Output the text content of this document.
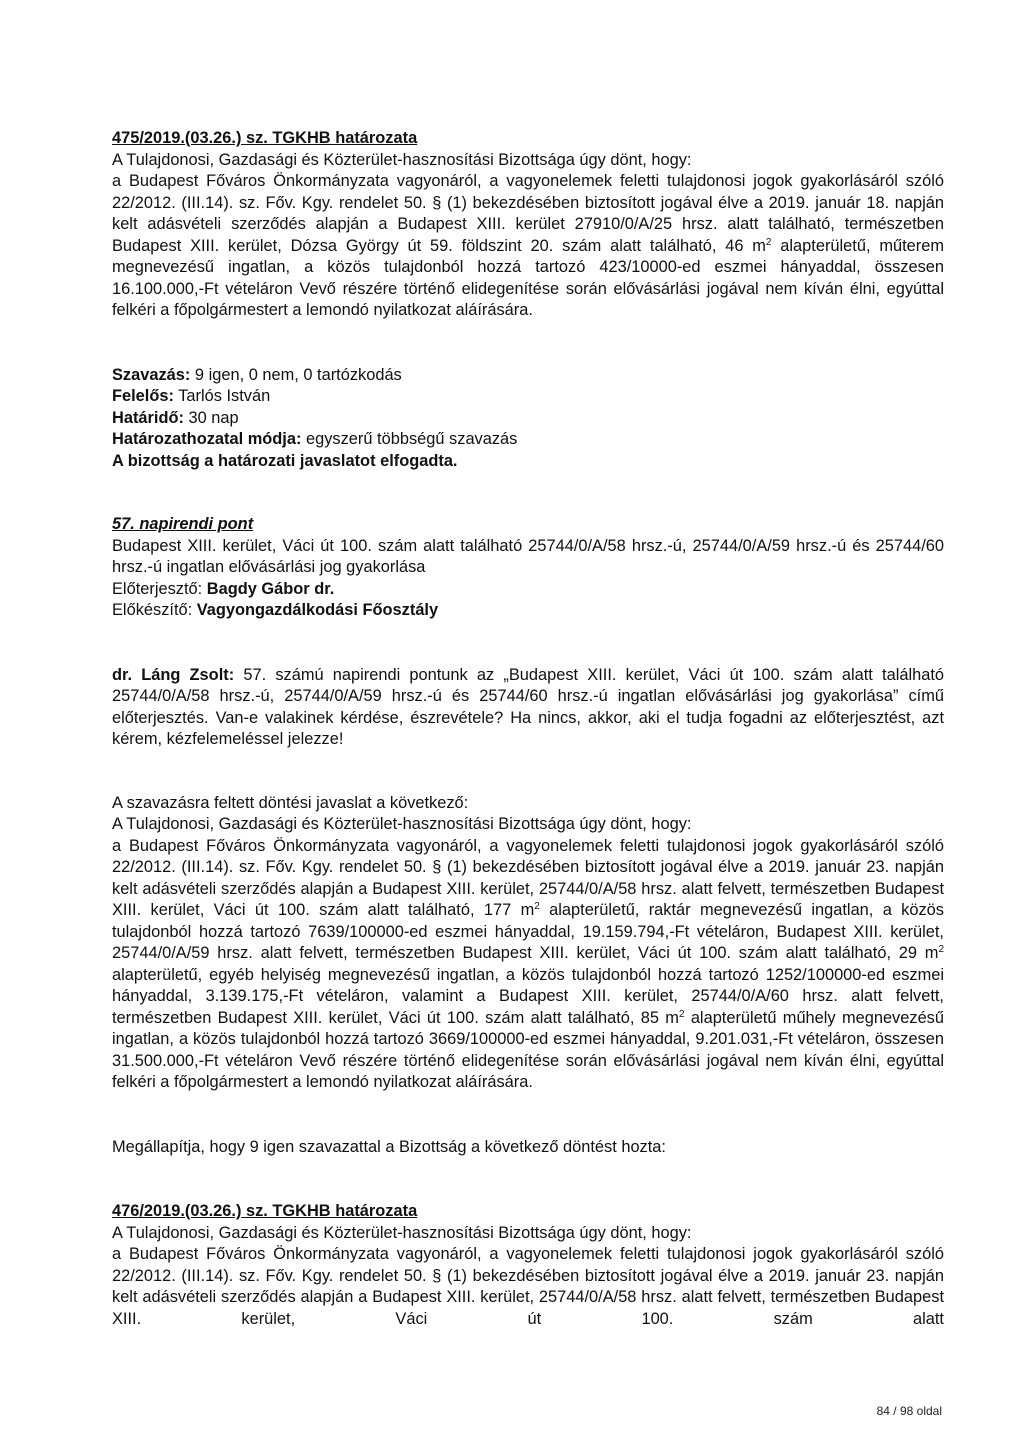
475/2019.(03.26.) sz. TGKHB határozata

A Tulajdonosi, Gazdasági és Közterület-hasznosítási Bizottsága úgy dönt, hogy:

a Budapest Főváros Önkormányzata vagyonáról, a vagyonelemek feletti tulajdonosi jogok gyakorlásáról szóló 22/2012. (III.14). sz. Főv. Kgy. rendelet 50. § (1) bekezdésében biztosított jogával élve a 2019. január 18. napján kelt adásvételi szerződés alapján a Budapest XIII. kerület 27910/0/A/25 hrsz. alatt található, természetben Budapest XIII. kerület, Dózsa György út 59. földszint 20. szám alatt található, 46 $m^2$ alapterületű, műterem megnevezésű ingatlan, a közös tulajdonból hozzá tartozó 423/10000-ed eszmei hányaddal, összesen 16.100.000,-Ft vételáron Vevő részére történő elidegenítése során elővásárlási jogával nem kíván élni, egyúttal felkéri a főpolgármestert a lemondó nyilatkozat aláírására.

Szavazás: 9 igen, 0 nem, 0 tartózkodás

Felelős: Tarlós István

Határidő: 30 nap

Határozathozatal módja: egyszerű többségű szavazás

A bizottság a határozati javaslatot elfogadta.

57. napirendi pont

Budapest XIII. kerület, Váci út 100. szám alatt található 25744/0/A/58 hrsz.-ú, 25744/0/A/59 hrsz.-ú és 25744/60 hrsz.-ú ingatlan elővásárlási jog gyakorlása

Előterjesztő: Bagdy Gábor dr.

Előkészítő: Vagyongazdálkodási Főosztály

dr. Láng Zsolt: 57. számú napirendi pontunk az „Budapest XIII. kerület, Váci út 100. szám alatt található 25744/0/A/58 hrsz.-ú, 25744/0/A/59 hrsz.-ú és 25744/60 hrsz.-ú ingatlan elővásárlási jog gyakorlása” című előterjesztés. Van-e valakinek kérdése, észrevétele? Ha nincs, akkor, aki el tudja fogadni az előterjesztést, azt kérem, kézfelemeléssel jelezze!

A szavazásra feltett döntési javaslat a következő:

A Tulajdonosi, Gazdasági és Közterület-hasznosítási Bizottsága úgy dönt, hogy:

a Budapest Főváros Önkormányzata vagyonáról, a vagyonelemek feletti tulajdonosi jogok gyakorlásáról szóló 22/2012. (III.14). sz. Főv. Kgy. rendelet 50. § (1) bekezdésében biztosított jogával élve a 2019. január 23. napján kelt adásvételi szerződés alapján a Budapest XIII. kerület, 25744/0/A/58 hrsz. alatt felvett, természetben Budapest XIII. kerület, Váci út 100. szám alatt található, 177 $m^2$ alapterületű, raktár megnevezésű ingatlan, a közös tulajdonból hozzá tartozó 7639/100000-ed eszmei hányaddal, 19.159.794,-Ft vételáron, Budapest XIII. kerület, 25744/0/A/59 hrsz. alatt felvett, természetben Budapest XIII. kerület, Váci út 100. szám alatt található, 29 $m^2$ alapterületű, egyéb helyiség megnevezésű ingatlan, a közös tulajdonból hozzá tartozó 1252/100000-ed eszmei hányaddal, 3.139.175,-Ft vételáron, valamint a Budapest XIII. kerület, 25744/0/A/60 hrsz. alatt felvett, természetben Budapest XIII. kerület, Váci út 100. szám alatt található, 85 $m^2$ alapterületű műhely megnevezésű ingatlan, a közös tulajdonból hozzá tartozó 3669/100000-ed eszmei hányaddal, 9.201.031,-Ft vételáron, összesen 31.500.000,-Ft vételáron Vevő részére történő elidegenítése során elővásárlási jogával nem kíván élni, egyúttal felkéri a főpolgármestert a lemondó nyilatkozat aláírására.

Megállapítja, hogy 9 igen szavazattal a Bizottság a következő döntést hozta:

476/2019.(03.26.) sz. TGKHB határozata

A Tulajdonosi, Gazdasági és Közterület-hasznosítási Bizottsága úgy dönt, hogy:

a Budapest Főváros Önkormányzata vagyonáról, a vagyonelemek feletti tulajdonosi jogok gyakorlásáról szóló 22/2012. (III.14). sz. Főv. Kgy. rendelet 50. § (1) bekezdésében biztosított jogával élve a 2019. január 23. napján kelt adásvételi szerződés alapján a Budapest XIII. kerület, 25744/0/A/58 hrsz. alatt felvett, természetben Budapest XIII. kerület, Váci út 100. szám alatt

84 / 98 oldal
